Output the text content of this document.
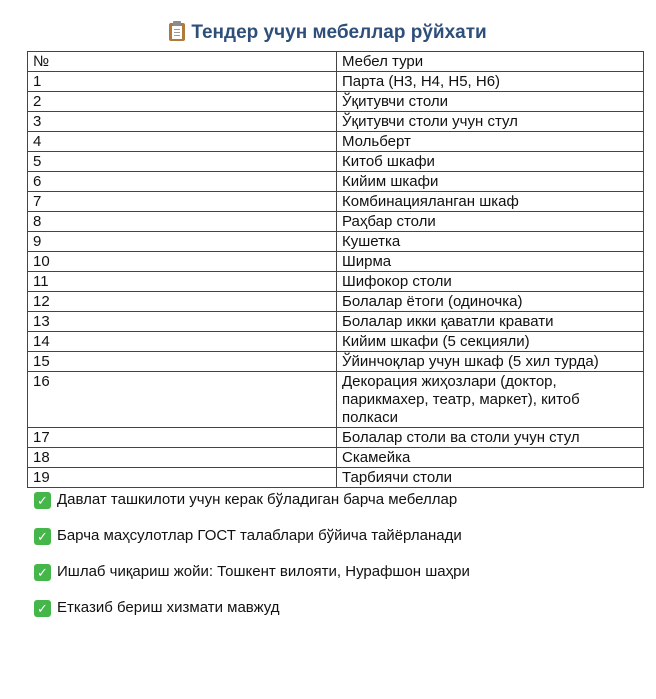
Тендер учун мебеллар рўйхати
№	Мебел тури
1	Парта (Н3, Н4, Н5, Н6)
2	Ўқитувчи столи
3	Ўқитувчи столи учун стул
4	Мольберт
5	Китоб шкафи
6	Кийим шкафи
7	Комбинацияланган шкаф
8	Раҳбар столи
9	Кушетка
10	Ширма
11	Шифокор столи
12	Болалар ётоги (одиночка)
13	Болалар икки қаватли кравати
14	Кийим шкафи (5 секцияли)
15	Ўйинчоқлар учун шкаф (5 хил турда)
16	Декорация жиҳозлари (доктор, парикмахер, театр, маркет), китоб полкаси
17	Болалар столи ва столи учун стул
18	Скамейка
19	Тарбиячи столи
✓ Давлат ташкилоти учун керак бўладиган барча мебеллар
✓ Барча маҳсулотлар ГОСТ талаблари бўйича тайёрланади
✓ Ишлаб чиқариш жойи: Тошкент вилояти, Нурафшон шаҳри
✓ Етказиб бериш хизмати мавжуд
